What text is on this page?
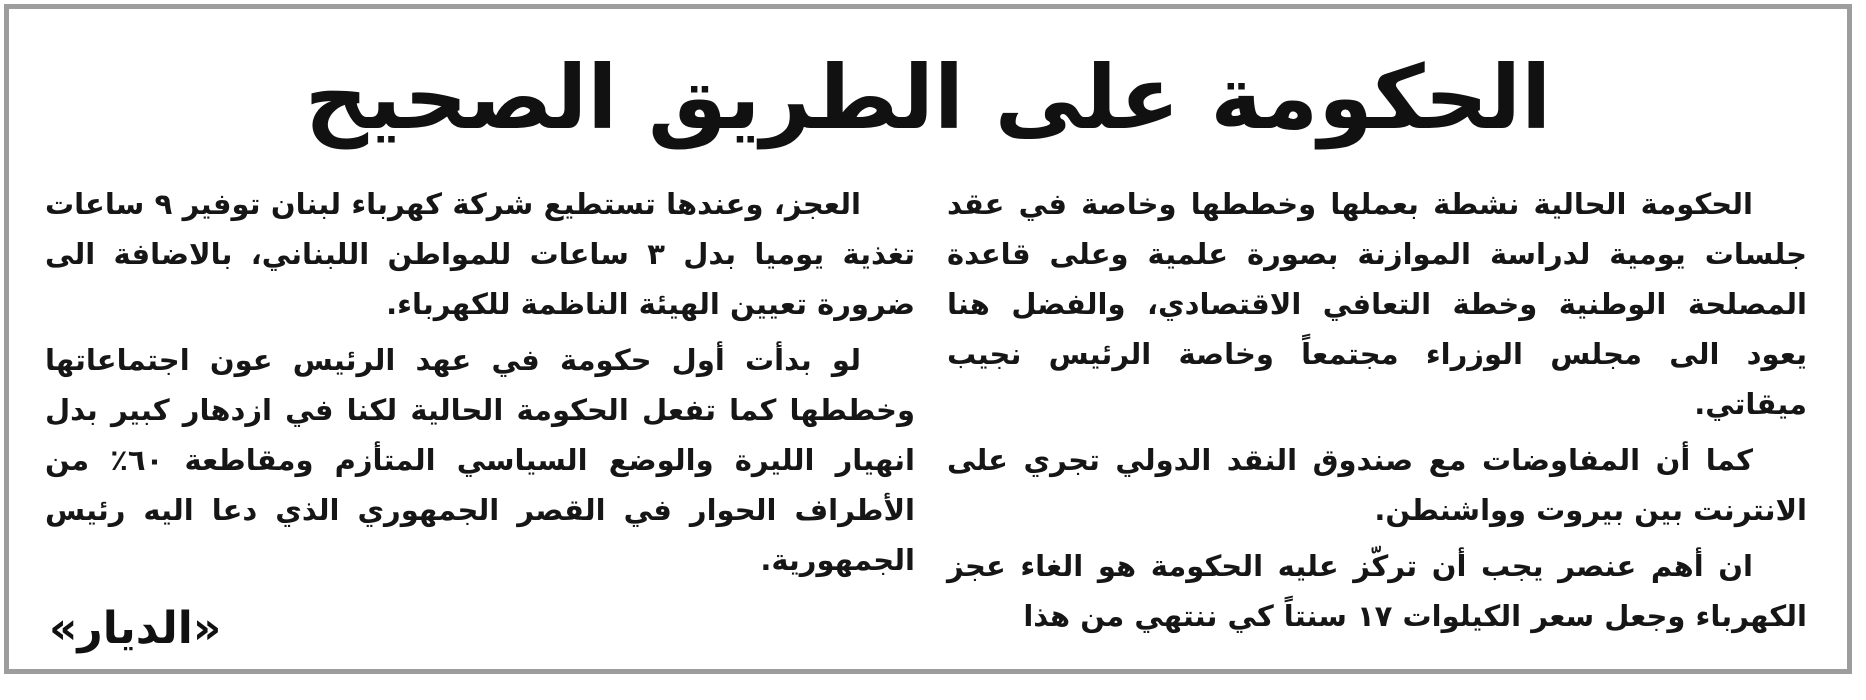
الحكومة على الطريق الصحيح

الحكومة الحالية نشطة بعملها وخططها وخاصة في عقد جلسات يومية لدراسة الموازنة بصورة علمية وعلى قاعدة المصلحة الوطنية وخطة التعافي الاقتصادي، والفضل هنا يعود الى مجلس الوزراء مجتمعاً وخاصة الرئيس نجيب ميقاتي.

كما أن المفاوضات مع صندوق النقد الدولي تجري على الانترنت بين بيروت وواشنطن.

ان أهم عنصر يجب أن تركّز عليه الحكومة هو الغاء عجز الكهرباء وجعل سعر الكيلوات ١٧ سنتاً كي ننتهي من هذا

العجز، وعندها تستطيع شركة كهرباء لبنان توفير ٩ ساعات تغذية يوميا بدل ٣ ساعات للمواطن اللبناني، بالاضافة الى ضرورة تعيين الهيئة الناظمة للكهرباء.

لو بدأت أول حكومة في عهد الرئيس عون اجتماعاتها وخططها كما تفعل الحكومة الحالية لكنا في ازدهار كبير بدل انهيار الليرة والوضع السياسي المتأزم ومقاطعة ٦٠٪ من الأطراف الحوار في القصر الجمهوري الذي دعا اليه رئيس الجمهورية.

«الديار»
